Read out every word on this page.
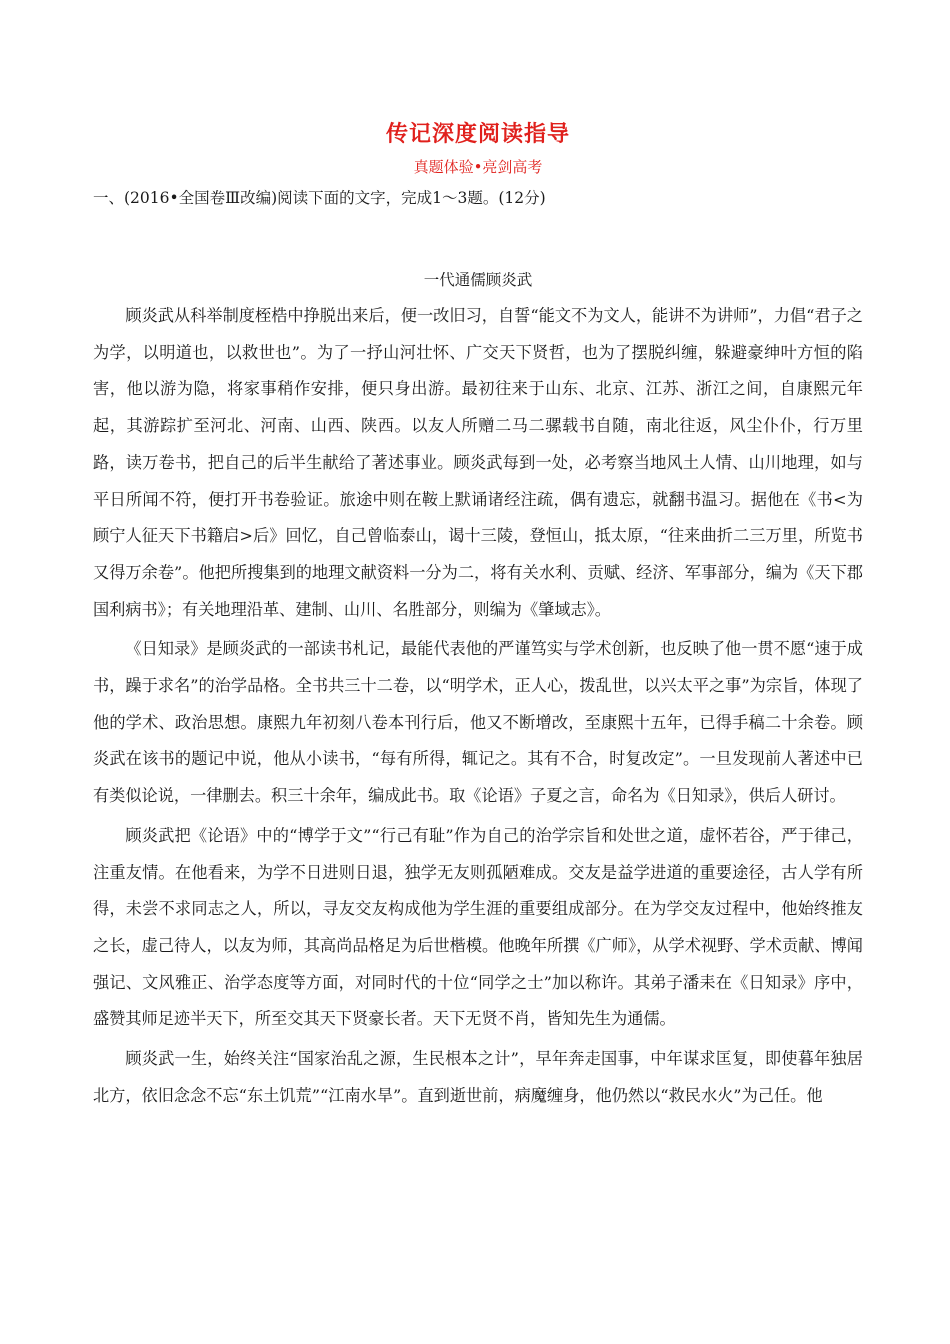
传记深度阅读指导
真题体验•亮剑高考
一、(2016•全国卷Ⅲ改编)阅读下面的文字，完成1～3题。(12分)
一代通儒顾炎武

顾炎武从科举制度桎梏中挣脱出来后，便一改旧习，自誓“能文不为文人，能讲不为讲师”，力倡“君子之为学，以明道也，以救世也”。为了一抒山河壮怀、广交天下贤哲，也为了摆脱纠缠，躲避豪绅叶方恒的陷害，他以游为隐，将家事稍作安排，便只身出游。最初往来于山东、北京、江苏、浙江之间，自康熙元年起，其游踪扩至河北、河南、山西、陕西。以友人所赠二马二骡载书自随，南北往返，风尘仆仆，行万里路，读万卷书，把自己的后半生献给了著述事业。顾炎武每到一处，必考察当地风土人情、山川地理，如与平日所闻不符，便打开书卷验证。旅途中则在鞍上默诵诸经注疏，偶有遗忘，就翻书温习。据他在《书<为顾宁人征天下书籍启>后》回忆，自己曾临泰山，谒十三陵，登恒山，抵太原，“往来曲折二三万里，所览书又得万余卷”。他把所搜集到的地理文献资料一分为二，将有关水利、贡赋、经济、军事部分，编为《天下郡国利病书》；有关地理沿革、建制、山川、名胜部分，则编为《肇域志》。

《日知录》是顾炎武的一部读书札记，最能代表他的严谨笃实与学术创新，也反映了他一贯不愿“速于成书，躁于求名”的治学品格。全书共三十二卷，以“明学术，正人心，拨乱世，以兴太平之事”为宗旨，体现了他的学术、政治思想。康熙九年初刻八卷本刊行后，他又不断增改，至康熙十五年，已得手稿二十余卷。顾炎武在该书的题记中说，他从小读书，“每有所得，辄记之。其有不合，时复改定”。一旦发现前人著述中已有类似论说，一律删去。积三十余年，编成此书。取《论语》子夏之言，命名为《日知录》，供后人研讨。

顾炎武把《论语》中的“博学于文”“行己有耻”作为自己的治学宗旨和处世之道，虚怀若谷，严于律己，注重友情。在他看来，为学不日进则日退，独学无友则孤陋难成。交友是益学进道的重要途径，古人学有所得，未尝不求同志之人，所以，寻友交友构成他为学生涯的重要组成部分。在为学交友过程中，他始终推友之长，虚己待人，以友为师，其高尚品格足为后世楷模。他晚年所撰《广师》，从学术视野、学术贡献、博闻强记、文风雅正、治学态度等方面，对同时代的十位“同学之士”加以称许。其弟子潘耒在《日知录》序中，盛赞其师足迹半天下，所至交其天下贤豪长者。天下无贤不肖，皆知先生为通儒。

顾炎武一生，始终关注“国家治乱之源，生民根本之计”，早年奔走国事，中年谋求匡复，即使暮年独居北方，依旧念念不忘“东土饥荒”“江南水旱”。直到逝世前，病魔缠身，他仍然以“救民水火”为己任。他
